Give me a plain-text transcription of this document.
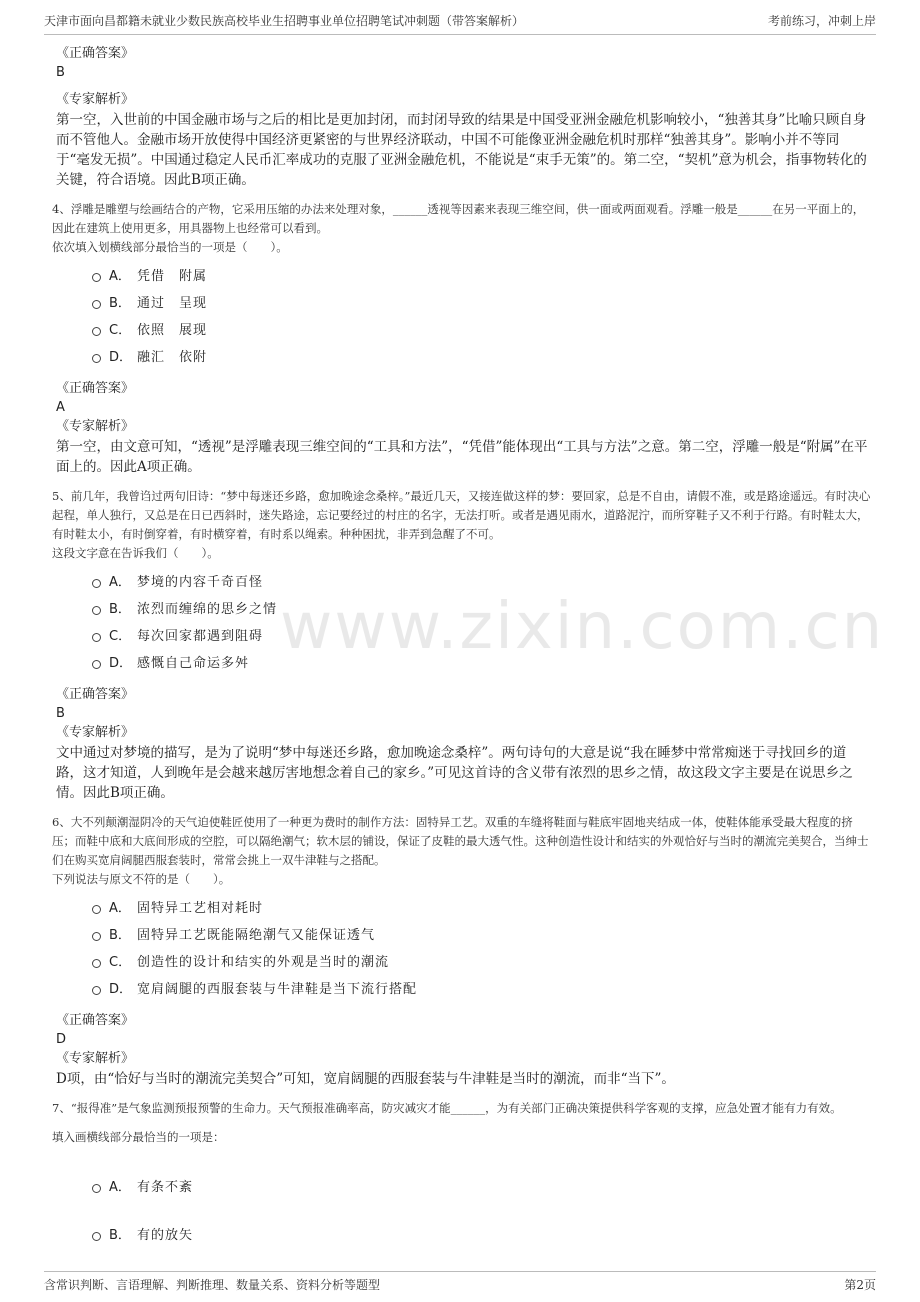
天津市面向昌都籍未就业少数民族高校毕业生招聘事业单位招聘笔试冲刺题（带答案解析）	考前练习，冲刺上岸
www.zixin.com.cn
《正确答案》
B
《专家解析》
第一空，入世前的中国金融市场与之后的相比是更加封闭，而封闭导致的结果是中国受亚洲金融危机影响较小，“独善其身”比喻只顾自身而不管他人。金融市场开放使得中国经济更紧密的与世界经济联动，中国不可能像亚洲金融危机时那样“独善其身”。影响小并不等同于“毫发无损”。中国通过稳定人民币汇率成功的克服了亚洲金融危机，不能说是“束手无策”的。第二空，“契机”意为机会，指事物转化的关键，符合语境。因此B项正确。
4、浮雕是雕塑与绘画结合的产物，它采用压缩的办法来处理对象，______透视等因素来表现三维空间，供一面或两面观看。浮雕一般是______在另一平面上的，因此在建筑上使用更多，用具器物上也经常可以看到。
依次填入划横线部分最恰当的一项是（　　）。
A． 凭借　附属
B． 通过　呈现
C． 依照　展现
D． 融汇　依附
《正确答案》
A
《专家解析》
第一空，由文意可知，“透视”是浮雕表现三维空间的“工具和方法”，“凭借”能体现出“工具与方法”之意。第二空，浮雕一般是“附属”在平面上的。因此A项正确。
5、前几年，我曾诌过两句旧诗：“梦中每迷还乡路，愈加晚途念桑梓。”最近几天，又接连做这样的梦：要回家，总是不自由，请假不准，或是路途遥远。有时决心起程，单人独行，又总是在日已西斜时，迷失路途，忘记要经过的村庄的名字，无法打听。或者是遇见雨水，道路泥泞，而所穿鞋子又不利于行路。有时鞋太大，有时鞋太小，有时倒穿着，有时横穿着，有时系以绳索。种种困扰，非弄到急醒了不可。
这段文字意在告诉我们（　　）。
A． 梦境的内容千奇百怪
B． 浓烈而缠绵的思乡之情
C． 每次回家都遇到阻碍
D． 感慨自己命运多舛
《正确答案》
B
《专家解析》
文中通过对梦境的描写，是为了说明“梦中每迷还乡路，愈加晚途念桑梓”。两句诗句的大意是说“我在睡梦中常常痴迷于寻找回乡的道路，这才知道，人到晚年是会越来越厉害地想念着自己的家乡。”可见这首诗的含义带有浓烈的思乡之情，故这段文字主要是在说思乡之情。因此B项正确。
6、大不列颠潮湿阴冷的天气迫使鞋匠使用了一种更为费时的制作方法：固特异工艺。双重的车缝将鞋面与鞋底牢固地夹结成一体，使鞋体能承受最大程度的挤压；而鞋中底和大底间形成的空腔，可以隔绝潮气；软木层的铺设，保证了皮鞋的最大透气性。这种创造性设计和结实的外观恰好与当时的潮流完美契合，当绅士们在购买宽肩阔腿西服套装时，常常会挑上一双牛津鞋与之搭配。
下列说法与原文不符的是（　　）。
A． 固特异工艺相对耗时
B． 固特异工艺既能隔绝潮气又能保证透气
C． 创造性的设计和结实的外观是当时的潮流
D． 宽肩阔腿的西服套装与牛津鞋是当下流行搭配
《正确答案》
D
《专家解析》
D项，由“恰好与当时的潮流完美契合”可知，宽肩阔腿的西服套装与牛津鞋是当时的潮流，而非“当下”。
7、“报得准”是气象监测预报预警的生命力。天气预报准确率高，防灾减灾才能______，为有关部门正确决策提供科学客观的支撑，应急处置才能有力有效。
填入画横线部分最恰当的一项是：
A． 有条不紊
B． 有的放矢
含常识判断、言语理解、判断推理、数量关系、资料分析等题型	第2页
